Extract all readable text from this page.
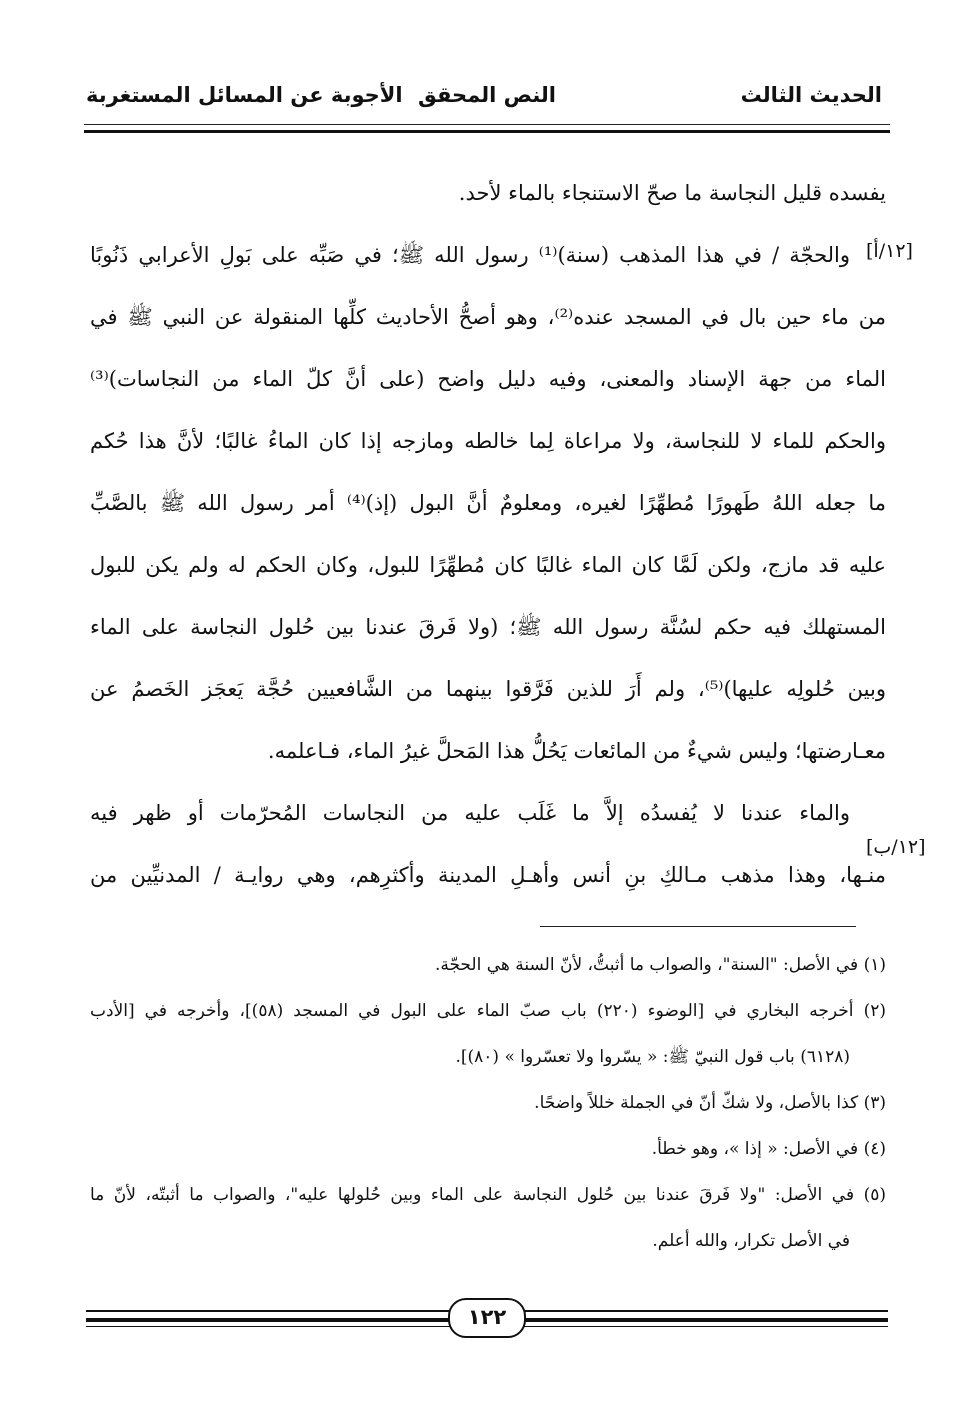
الحديث الثالث
النص المحقق
الأجوبة عن المسائل المستغربة
[١٢/أ]
[١٢/ب]
يفسده قليل النجاسة ما صحّ الاستنجاء بالماء لأحد.
والحجّة / في هذا المذهب (سنة)⁽¹⁾ رسول الله ﷺ؛ في صَبِّه على بَولِ الأعرابي ذَنُوبًا
من ماء حين بال في المسجد عنده⁽²⁾، وهو أصحُّ الأحاديث كلِّها المنقولة عن النبي ﷺ في
الماء من جهة الإسناد والمعنى، وفيه دليل واضح (على أنَّ كلّ الماء من النجاسات)⁽³⁾
والحكم للماء لا للنجاسة، ولا مراعاة لِما خالطه ومازجه إذا كان الماءُ غالبًا؛ لأنَّ هذا حُكم
ما جعله اللهُ طَهورًا مُطهِّرًا لغيره، ومعلومٌ أنَّ البول (إذ)⁽⁴⁾ أمر رسول الله ﷺ بالصَّبِّ
عليه قد مازج، ولكن لَمَّا كان الماء غالبًا كان مُطهِّرًا للبول، وكان الحكم له ولم يكن للبول
المستهلك فيه حكم لسُنَّة رسول الله ﷺ؛ (ولا فَرقَ عندنا بين حُلول النجاسة على الماء
وبين حُلولِه عليها)⁽⁵⁾، ولم أَرَ للذين فَرَّقوا بينهما من الشَّافعيين حُجَّة يَعجَز الخَصمُ عن
معـارضتها؛ وليس شيءٌ من المائعات يَحُلُّ هذا المَحلَّ غيرُ الماء، فـاعلمه.
والماء عندنا لا يُفسدُه إلاَّ ما غَلَب عليه من النجاسات المُحرّمات أو ظهر فيه
منـها، وهذا مذهب مـالكِ بنِ أنس وأهـلِ المدينة وأكثرِهم، وهي روايـة / المدنيِّين من
(١) في الأصل: "السنة"، والصواب ما أثبتُّ، لأنّ السنة هي الحجّة.
(٢) أخرجه البخاري في [الوضوء (٢٢٠) باب صبّ الماء على البول في المسجد (٥٨)]، وأخرجه في [الأدب
(٦١٢٨) باب قول النبيّ ﷺ: « يسّروا ولا تعسّروا » (٨٠)].
(٣) كذا بالأصل، ولا شكّ أنّ في الجملة خللاً واضحًا.
(٤) في الأصل: « إذا »، وهو خطأ.
(٥) في الأصل: "ولا فَرقَ عندنا بين حُلول النجاسة على الماء وبين حُلولها عليه"، والصواب ما أثبتّه، لأنّ ما
في الأصل تكرار، والله أعلم.
١٢٢
